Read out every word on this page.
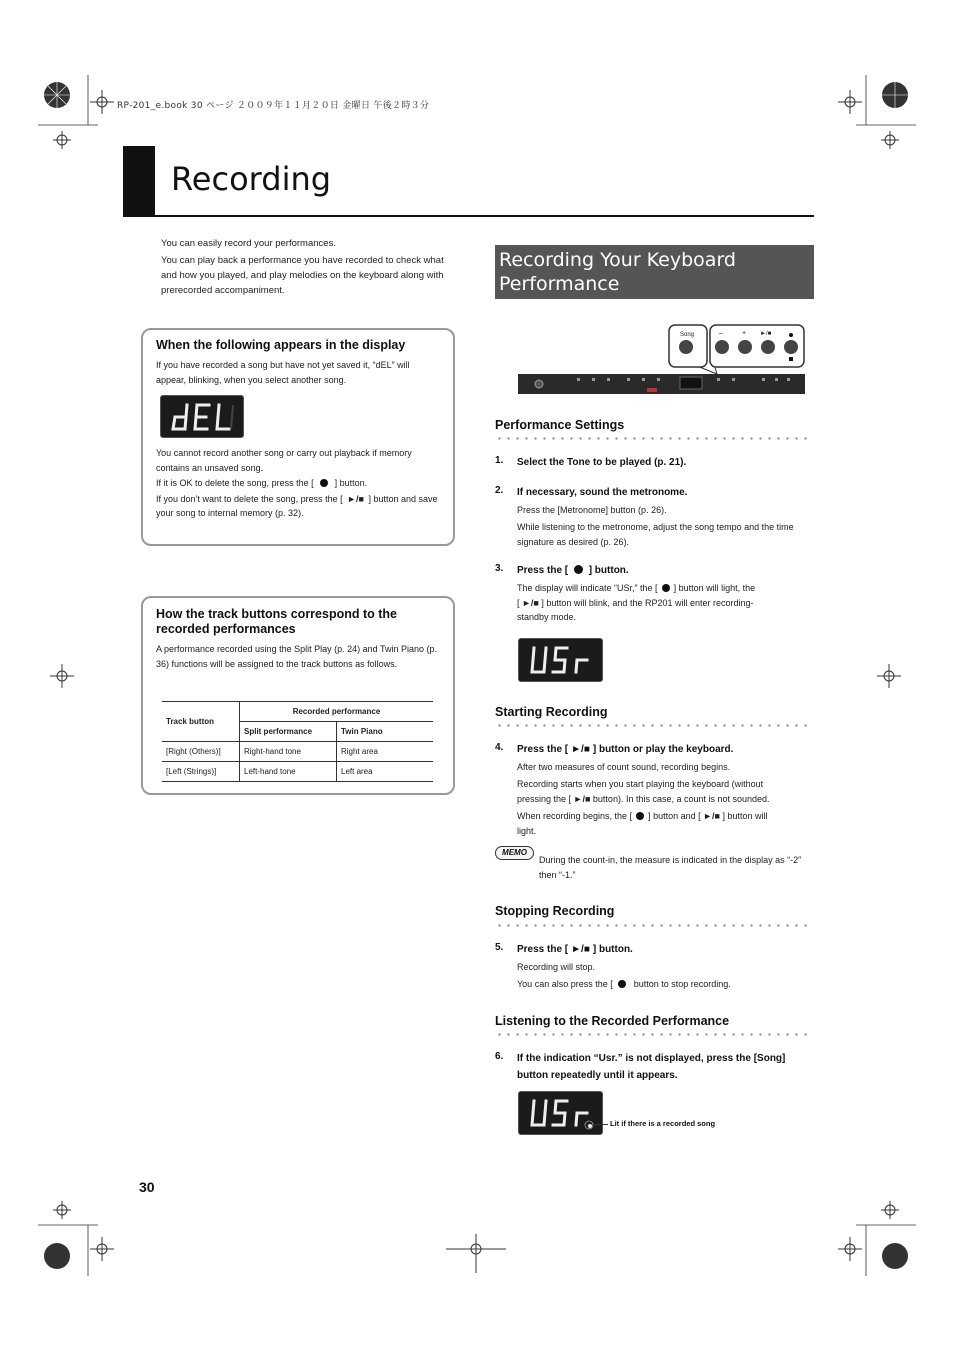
RP-201_e.book 30 ページ ２００９年１１月２０日 金曜日 午後２時３分
Recording

You can easily record your performances.

You can play back a performance you have recorded to check what and how you played, and play melodies on the keyboard along with prerecorded accompaniment.

When the following appears in the display

If you have recorded a song but have not yet saved it, “dEL” will appear, blinking, when you select another song.

You cannot record another song or carry out playback if memory contains an unsaved song.

If it is OK to delete the song, press the [ ] button.

If you don’t want to delete the song, press the [ ►/■ ] button and save your song to internal memory (p. 32).

How the track buttons correspond to the recorded performances

A performance recorded using the Split Play (p. 24) and Twin Piano (p. 36) functions will be assigned to the track buttons as follows.

Track button	Recorded performance	
	Split performance	Twin Piano
[Right (Others)]	Right-hand tone	Right area
[Left (Strings)]	Left-hand tone	Left area
Recording Your Keyboard
Performance
Song	–	+ ►/■
Performance Settings
1. Select the Tone to be played (p. 21).
2. If necessary, sound the metronome.
Press the [Metronome] button (p. 26).
While listening to the metronome, adjust the song tempo and the time signature as desired (p. 26).
3. Press the [ ] button.
The display will indicate “USr,” the [ ] button will light, the
[ ►/■ ] button will blink, and the RP201 will enter recording-
standby mode.
Starting Recording
4. Press the [ ►/■ ] button or play the keyboard.
After two measures of count sound, recording begins.
Recording starts when you start playing the keyboard (without
pressing the [ ►/■ button). In this case, a count is not sounded.
When recording begins, the [ ] button and [ ►/■ ] button will
light.
MEMO
During the count-in, the measure is indicated in the display as “-2” then “-1.”
Stopping Recording
5. Press the [ ►/■ ] button.
Recording will stop.
You can also press the [ button to stop recording.
Listening to the Recorded Performance
6. If the indication “Usr.” is not displayed, press the [Song] button repeatedly until it appears.
Lit if there is a recorded song
30
